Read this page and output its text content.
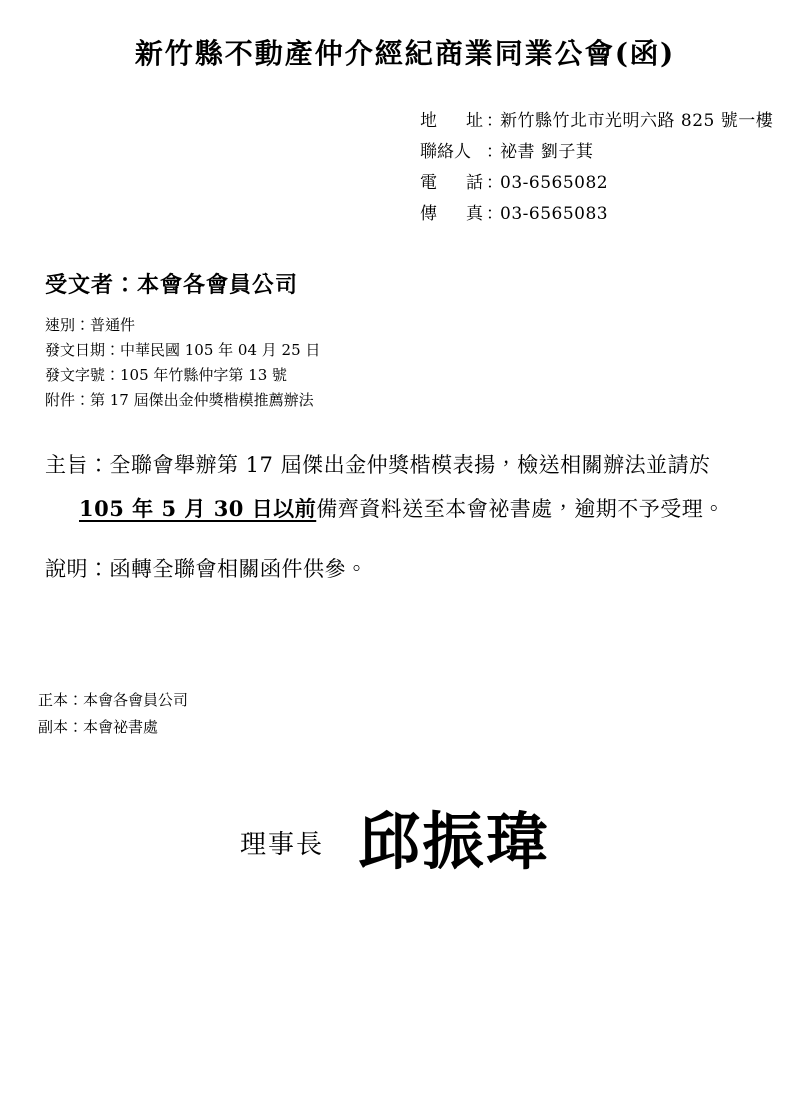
新竹縣不動產仲介經紀商業同業公會(函)
地　址：新竹縣竹北市光明六路 825 號一樓
聯絡人 ：祕書 劉子萁
電　話：03-6565082
傳　真：03-6565083
受文者：本會各會員公司
速別：普通件
發文日期：中華民國 105 年 04 月 25 日
發文字號：105 年竹縣仲字第 13 號
附件：第 17 屆傑出金仲獎楷模推薦辦法
主旨：全聯會舉辦第 17 屆傑出金仲獎楷模表揚，檢送相關辦法並請於
105 年 5 月 30 日以前備齊資料送至本會祕書處，逾期不予受理。
說明：函轉全聯會相關函件供參。
正本：本會各會員公司
副本：本會祕書處
理事長 邱振瑋
